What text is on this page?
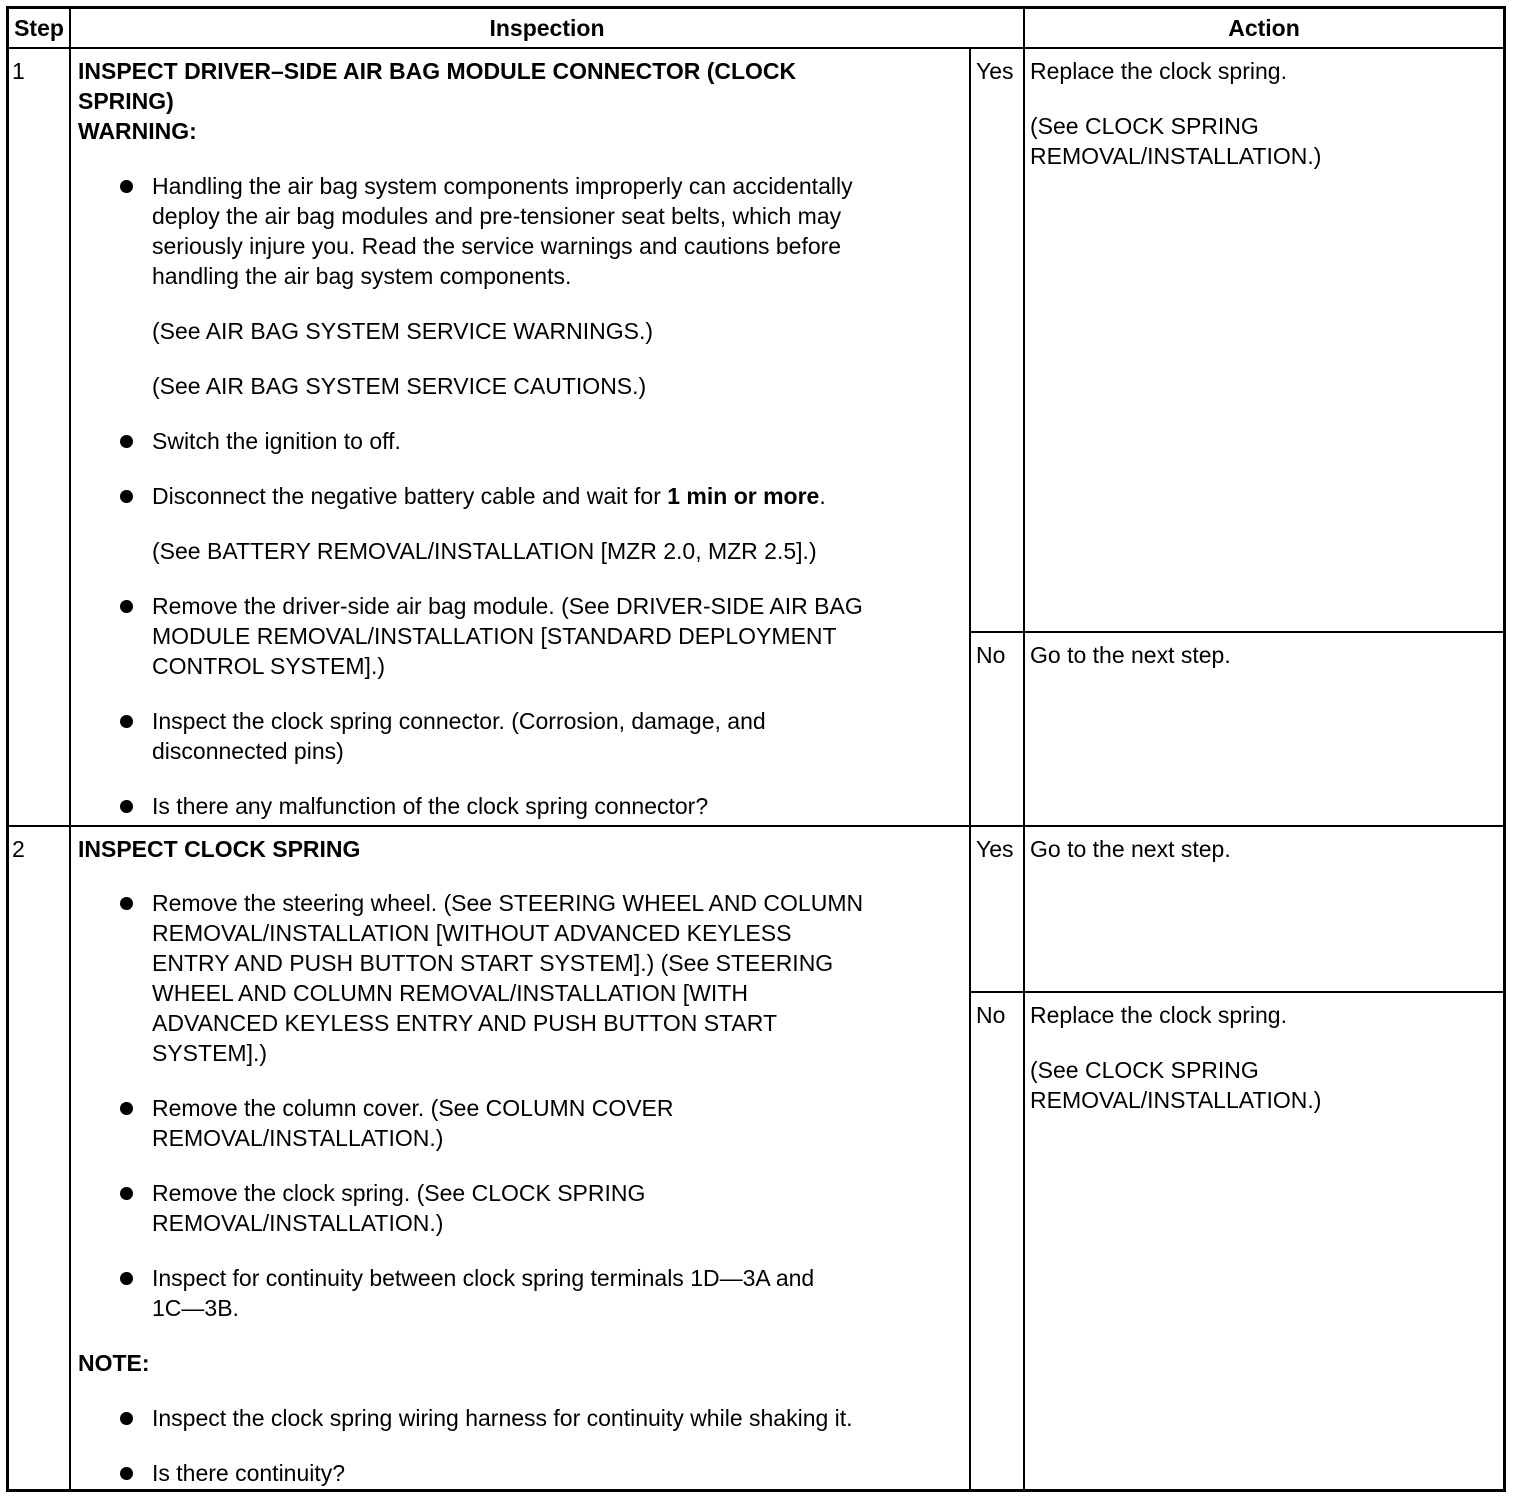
Step	Inspection	Action
1 INSPECT DRIVER–SIDE AIR BAG MODULE CONNECTOR (CLOCK
SPRING)
WARNING:
Handling the air bag system components improperly can accidentally
deploy the air bag modules and pre-tensioner seat belts, which may
seriously injure you. Read the service warnings and cautions before
handling the air bag system components.
(See AIR BAG SYSTEM SERVICE WARNINGS.)
(See AIR BAG SYSTEM SERVICE CAUTIONS.)
Switch the ignition to off.
Disconnect the negative battery cable and wait for 1 min or more.
(See BATTERY REMOVAL/INSTALLATION [MZR 2.0, MZR 2.5].)
Remove the driver-side air bag module. (See DRIVER-SIDE AIR BAG
MODULE REMOVAL/INSTALLATION [STANDARD DEPLOYMENT
CONTROL SYSTEM].)
Inspect the clock spring connector. (Corrosion, damage, and
disconnected pins)
Is there any malfunction of the clock spring connector?
Yes Replace the clock spring.
(See CLOCK SPRING
REMOVAL/INSTALLATION.)
No Go to the next step.
2 INSPECT CLOCK SPRING
Remove the steering wheel. (See STEERING WHEEL AND COLUMN
REMOVAL/INSTALLATION [WITHOUT ADVANCED KEYLESS
ENTRY AND PUSH BUTTON START SYSTEM].) (See STEERING
WHEEL AND COLUMN REMOVAL/INSTALLATION [WITH
ADVANCED KEYLESS ENTRY AND PUSH BUTTON START
SYSTEM].)
Remove the column cover. (See COLUMN COVER
REMOVAL/INSTALLATION.)
Remove the clock spring. (See CLOCK SPRING
REMOVAL/INSTALLATION.)
Inspect for continuity between clock spring terminals 1D—3A and
1C—3B.
NOTE:
Inspect the clock spring wiring harness for continuity while shaking it.
Is there continuity?
Yes Go to the next step.
No Replace the clock spring.
(See CLOCK SPRING
REMOVAL/INSTALLATION.)
